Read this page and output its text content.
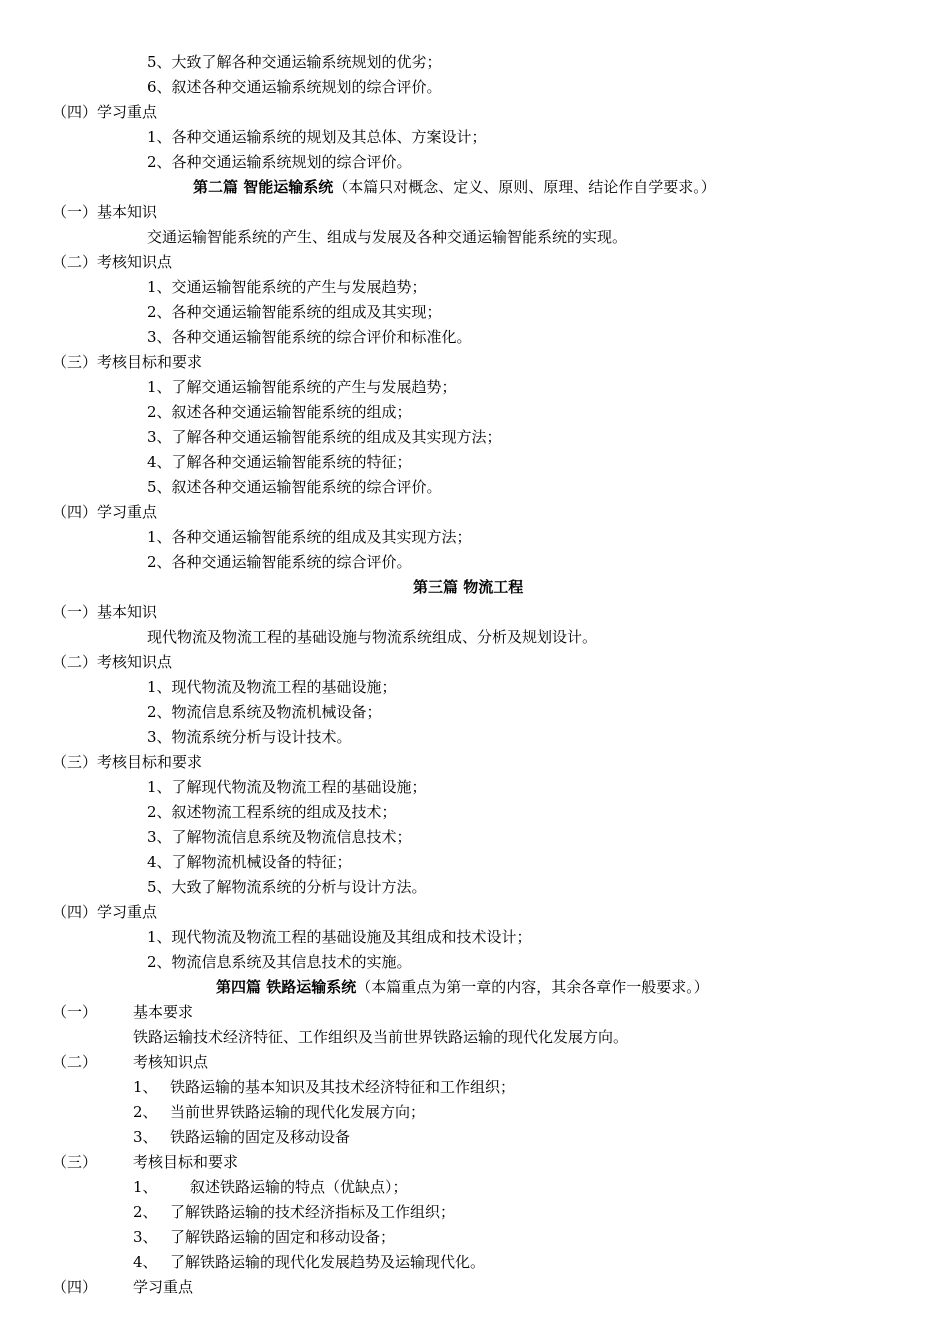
5、大致了解各种交通运输系统规划的优劣；
6、叙述各种交通运输系统规划的综合评价。
（四）学习重点
1、各种交通运输系统的规划及其总体、方案设计；
2、各种交通运输系统规划的综合评价。
第二篇 智能运输系统（本篇只对概念、定义、原则、原理、结论作自学要求。）
（一）基本知识
交通运输智能系统的产生、组成与发展及各种交通运输智能系统的实现。
（二）考核知识点
1、交通运输智能系统的产生与发展趋势；
2、各种交通运输智能系统的组成及其实现；
3、各种交通运输智能系统的综合评价和标准化。
（三）考核目标和要求
1、了解交通运输智能系统的产生与发展趋势；
2、叙述各种交通运输智能系统的组成；
3、了解各种交通运输智能系统的组成及其实现方法；
4、了解各种交通运输智能系统的特征；
5、叙述各种交通运输智能系统的综合评价。
（四）学习重点
1、各种交通运输智能系统的组成及其实现方法；
2、各种交通运输智能系统的综合评价。
第三篇 物流工程
（一）基本知识
现代物流及物流工程的基础设施与物流系统组成、分析及规划设计。
（二）考核知识点
1、现代物流及物流工程的基础设施；
2、物流信息系统及物流机械设备；
3、物流系统分析与设计技术。
（三）考核目标和要求
1、了解现代物流及物流工程的基础设施；
2、叙述物流工程系统的组成及技术；
3、了解物流信息系统及物流信息技术；
4、了解物流机械设备的特征；
5、大致了解物流系统的分析与设计方法。
（四）学习重点
1、现代物流及物流工程的基础设施及其组成和技术设计；
2、物流信息系统及其信息技术的实施。
第四篇 铁路运输系统（本篇重点为第一章的内容，其余各章作一般要求。）
（一） 基本要求
铁路运输技术经济特征、工作组织及当前世界铁路运输的现代化发展方向。
（二） 考核知识点
1、 铁路运输的基本知识及其技术经济特征和工作组织；
2、 当前世界铁路运输的现代化发展方向；
3、 铁路运输的固定及移动设备
（三） 考核目标和要求
1、 叙述铁路运输的特点（优缺点）；
2、 了解铁路运输的技术经济指标及工作组织；
3、 了解铁路运输的固定和移动设备；
4、 了解铁路运输的现代化发展趋势及运输现代化。
（四） 学习重点
